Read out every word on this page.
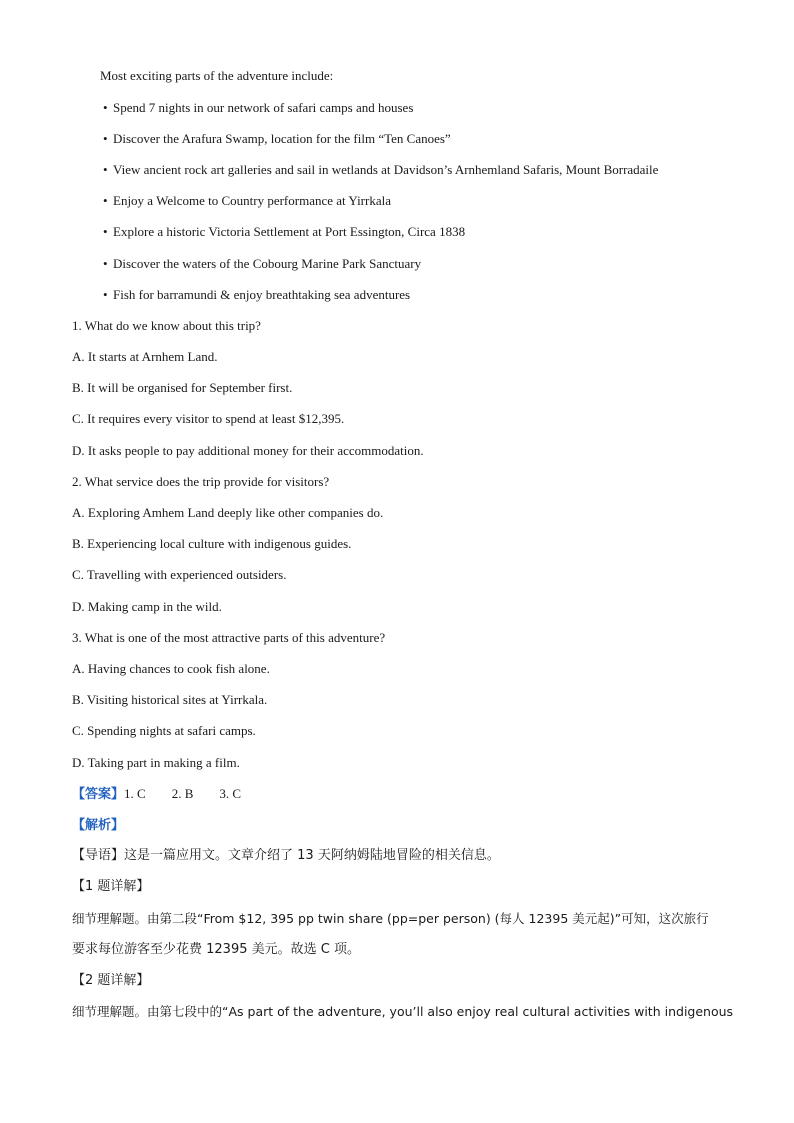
Most exciting parts of the adventure include:
• Spend 7 nights in our network of safari camps and houses
• Discover the Arafura Swamp, location for the film “Ten Canoes”
• View ancient rock art galleries and sail in wetlands at Davidson’s Arnhemland Safaris, Mount Borradaile
• Enjoy a Welcome to Country performance at Yirrkala
• Explore a historic Victoria Settlement at Port Essington, Circa 1838
• Discover the waters of the Cobourg Marine Park Sanctuary
• Fish for barramundi & enjoy breathtaking sea adventures
1. What do we know about this trip?
A. It starts at Arnhem Land.
B. It will be organised for September first.
C. It requires every visitor to spend at least $12,395.
D. It asks people to pay additional money for their accommodation.
2. What service does the trip provide for visitors?
A. Exploring Amhem Land deeply like other companies do.
B. Experiencing local culture with indigenous guides.
C. Travelling with experienced outsiders.
D. Making camp in the wild.
3. What is one of the most attractive parts of this adventure?
A. Having chances to cook fish alone.
B. Visiting historical sites at Yirrkala.
C. Spending nights at safari camps.
D. Taking part in making a film.
【答案】1. C 2. B 3. C
【解析】
【导语】这是一篇应用文。文章介绍了 13 天阿纳姆陆地冒险的相关信息。
【1 题详解】
细节理解题。由第二段“From $12, 395 pp twin share (pp=per person) (每人 12395 美元起)”可知，这次旅行
要求每位游客至少花费 12395 美元。故选 C 项。
【2 题详解】
细节理解题。由第七段中的“As part of the adventure, you’ll also enjoy real cultural activities with indigenous
